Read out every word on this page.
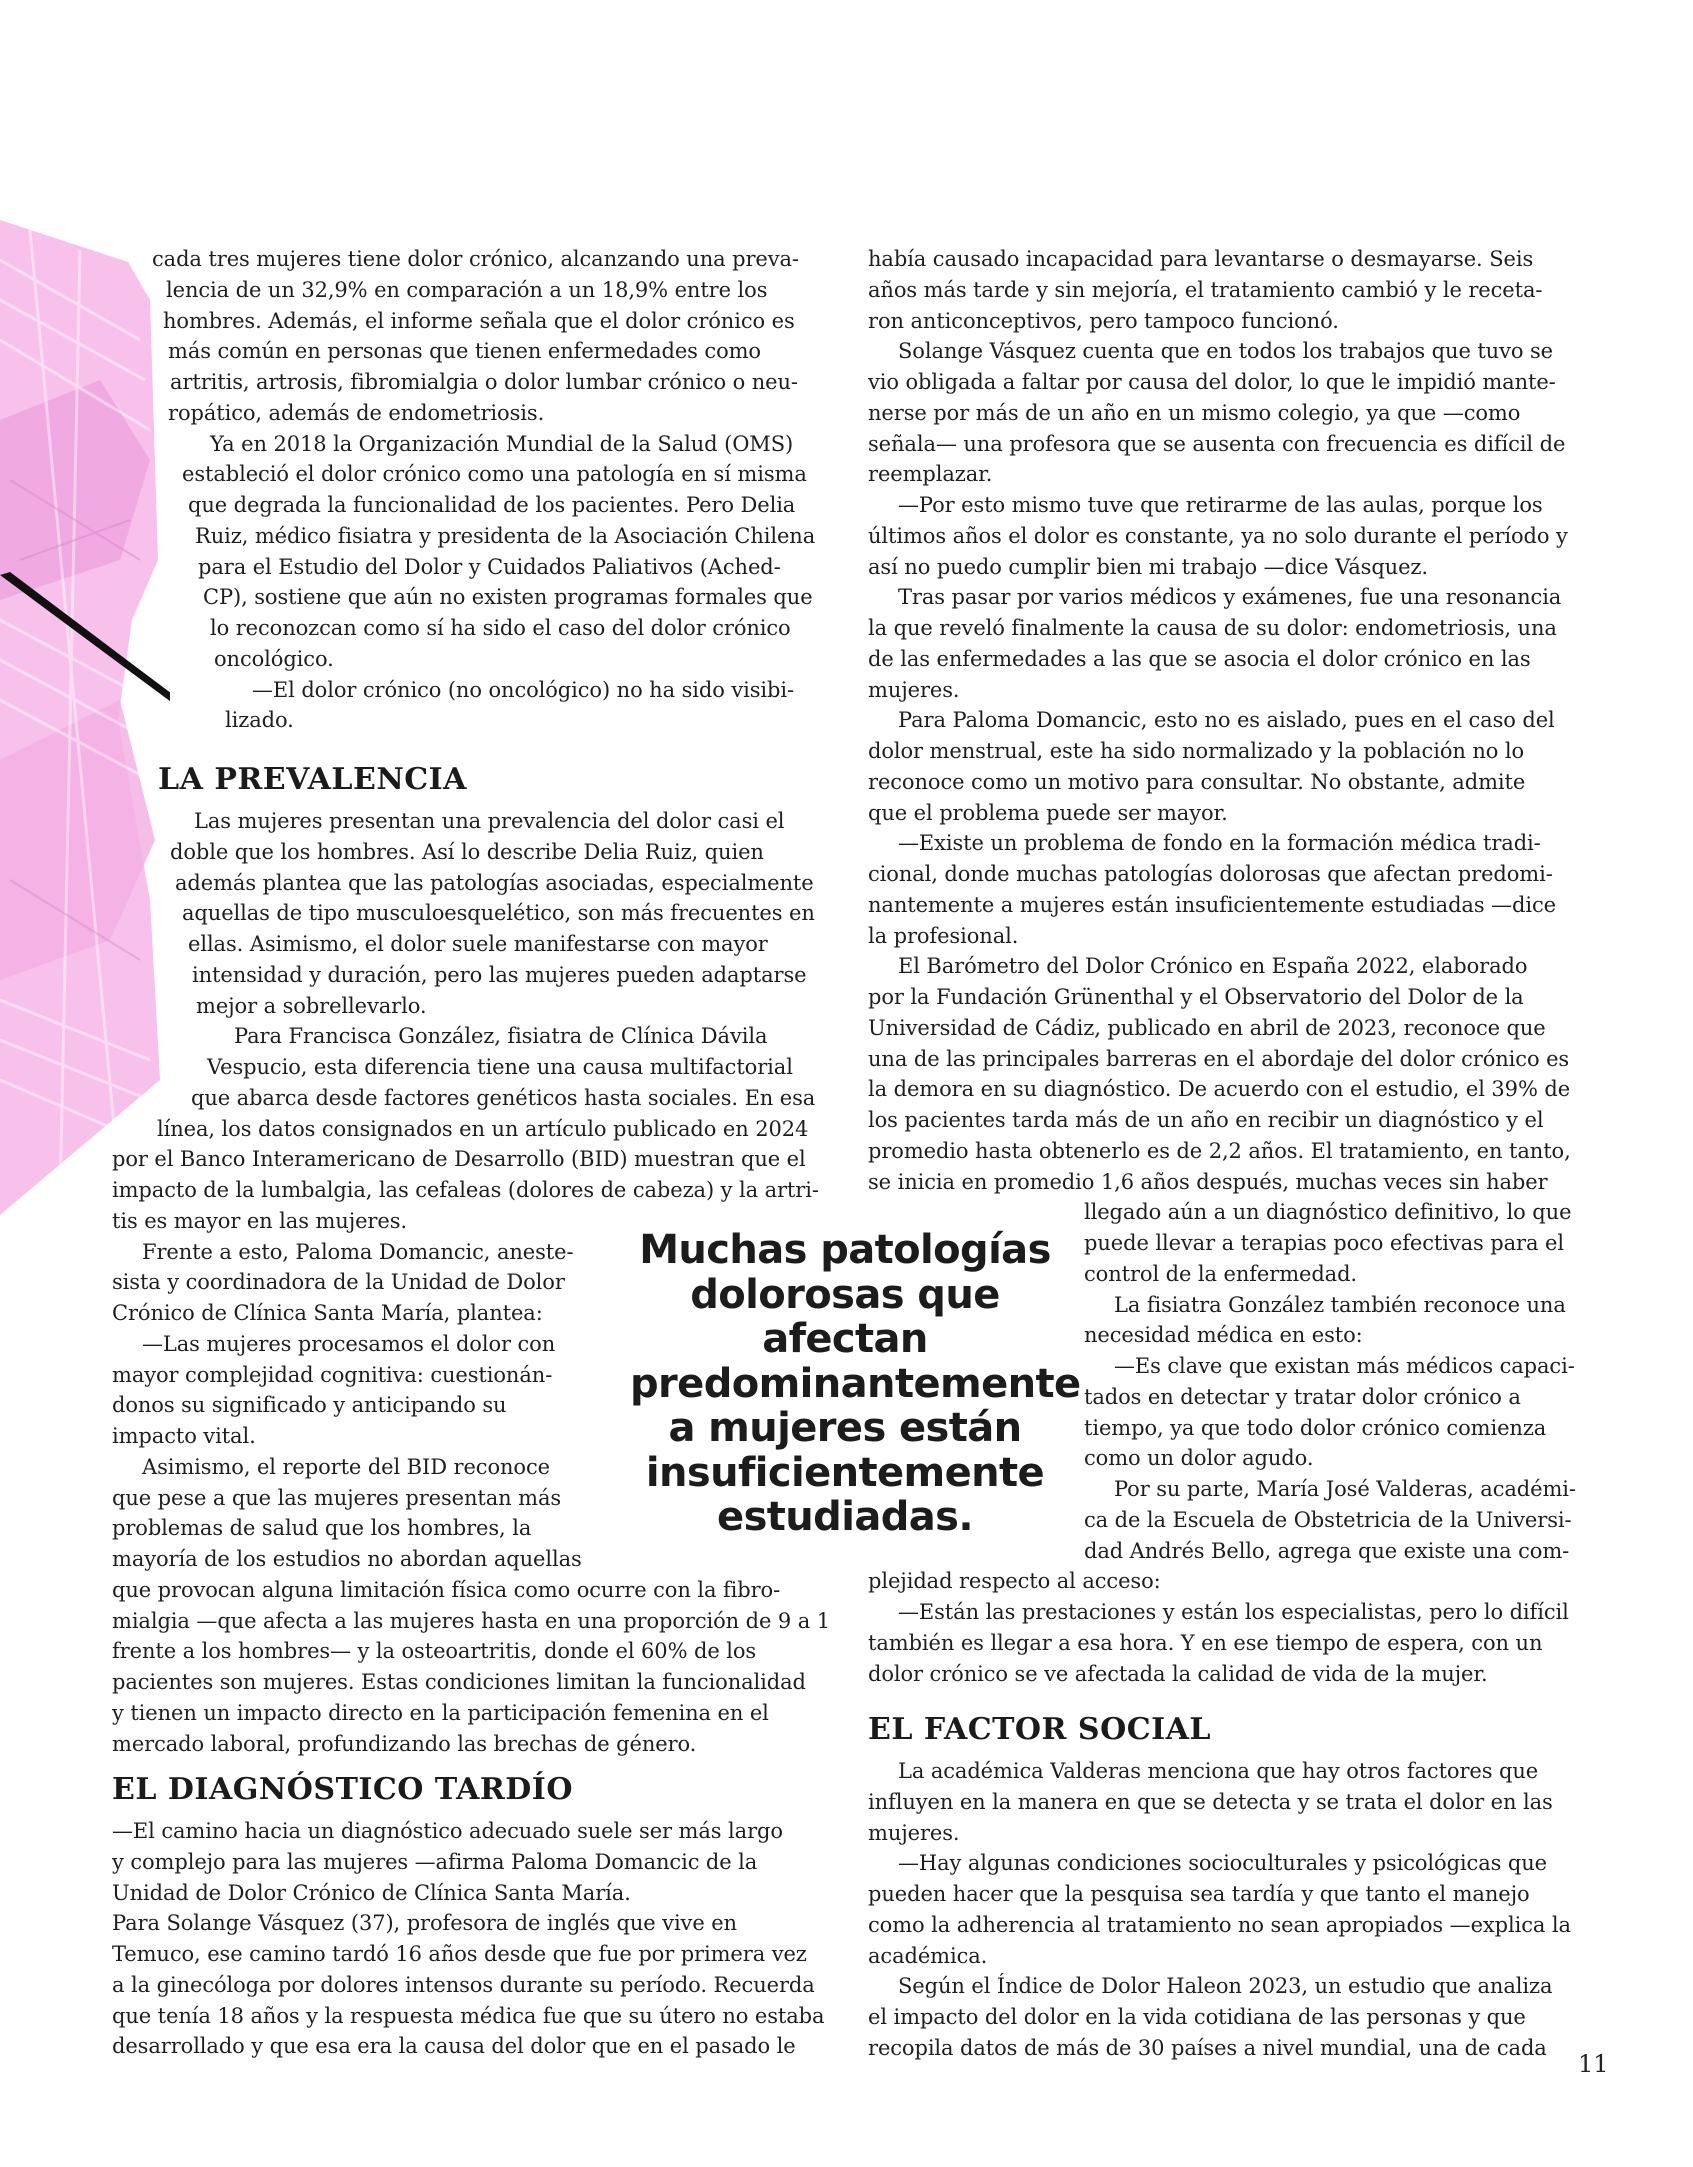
LA PREVALENCIA
EL DIAGNÓSTICO TARDÍO
EL FACTOR SOCIAL
Muchas patologías
dolorosas que
afectan
predominantemente
a mujeres están
insuficientemente
estudiadas.
cada tres mujeres tiene dolor crónico, alcanzando una preva-
lencia de un 32,9% en comparación a un 18,9% entre los
hombres. Además, el informe señala que el dolor crónico es
más común en personas que tienen enfermedades como
artritis, artrosis, fibromialgia o dolor lumbar crónico o neu-
ropático, además de endometriosis.
Ya en 2018 la Organización Mundial de la Salud (OMS)
estableció el dolor crónico como una patología en sí misma
que degrada la funcionalidad de los pacientes. Pero Delia
Ruiz, médico fisiatra y presidenta de la Asociación Chilena
para el Estudio del Dolor y Cuidados Paliativos (Ached-
CP), sostiene que aún no existen programas formales que
lo reconozcan como sí ha sido el caso del dolor crónico
oncológico.
—El dolor crónico (no oncológico) no ha sido visibi-
lizado.
Las mujeres presentan una prevalencia del dolor casi el
doble que los hombres. Así lo describe Delia Ruiz, quien
además plantea que las patologías asociadas, especialmente
aquellas de tipo musculoesquelético, son más frecuentes en
ellas. Asimismo, el dolor suele manifestarse con mayor
intensidad y duración, pero las mujeres pueden adaptarse
mejor a sobrellevarlo.
Para Francisca González, fisiatra de Clínica Dávila
Vespucio, esta diferencia tiene una causa multifactorial
que abarca desde factores genéticos hasta sociales. En esa
línea, los datos consignados en un artículo publicado en 2024
por el Banco Interamericano de Desarrollo (BID) muestran que el
impacto de la lumbalgia, las cefaleas (dolores de cabeza) y la artri-
tis es mayor en las mujeres.
Frente a esto, Paloma Domancic, aneste-
sista y coordinadora de la Unidad de Dolor
Crónico de Clínica Santa María, plantea:
—Las mujeres procesamos el dolor con
mayor complejidad cognitiva: cuestionán-
donos su significado y anticipando su
impacto vital.
Asimismo, el reporte del BID reconoce
que pese a que las mujeres presentan más
problemas de salud que los hombres, la
mayoría de los estudios no abordan aquellas
que provocan alguna limitación física como ocurre con la fibro-
mialgia —que afecta a las mujeres hasta en una proporción de 9 a 1
frente a los hombres— y la osteoartritis, donde el 60% de los
pacientes son mujeres. Estas condiciones limitan la funcionalidad
y tienen un impacto directo en la participación femenina en el
mercado laboral, profundizando las brechas de género.
—El camino hacia un diagnóstico adecuado suele ser más largo
y complejo para las mujeres —afirma Paloma Domancic de la
Unidad de Dolor Crónico de Clínica Santa María.
Para Solange Vásquez (37), profesora de inglés que vive en
Temuco, ese camino tardó 16 años desde que fue por primera vez
a la ginecóloga por dolores intensos durante su período. Recuerda
que tenía 18 años y la respuesta médica fue que su útero no estaba
desarrollado y que esa era la causa del dolor que en el pasado le
había causado incapacidad para levantarse o desmayarse. Seis
años más tarde y sin mejoría, el tratamiento cambió y le receta-
ron anticonceptivos, pero tampoco funcionó.
Solange Vásquez cuenta que en todos los trabajos que tuvo se
vio obligada a faltar por causa del dolor, lo que le impidió mante-
nerse por más de un año en un mismo colegio, ya que —como
señala— una profesora que se ausenta con frecuencia es difícil de
reemplazar.
—Por esto mismo tuve que retirarme de las aulas, porque los
últimos años el dolor es constante, ya no solo durante el período y
así no puedo cumplir bien mi trabajo —dice Vásquez.
Tras pasar por varios médicos y exámenes, fue una resonancia
la que reveló finalmente la causa de su dolor: endometriosis, una
de las enfermedades a las que se asocia el dolor crónico en las
mujeres.
Para Paloma Domancic, esto no es aislado, pues en el caso del
dolor menstrual, este ha sido normalizado y la población no lo
reconoce como un motivo para consultar. No obstante, admite
que el problema puede ser mayor.
—Existe un problema de fondo en la formación médica tradi-
cional, donde muchas patologías dolorosas que afectan predomi-
nantemente a mujeres están insuficientemente estudiadas —dice
la profesional.
El Barómetro del Dolor Crónico en España 2022, elaborado
por la Fundación Grünenthal y el Observatorio del Dolor de la
Universidad de Cádiz, publicado en abril de 2023, reconoce que
una de las principales barreras en el abordaje del dolor crónico es
la demora en su diagnóstico. De acuerdo con el estudio, el 39% de
los pacientes tarda más de un año en recibir un diagnóstico y el
promedio hasta obtenerlo es de 2,2 años. El tratamiento, en tanto,
se inicia en promedio 1,6 años después, muchas veces sin haber
llegado aún a un diagnóstico definitivo, lo que
puede llevar a terapias poco efectivas para el
control de la enfermedad.
La fisiatra González también reconoce una
necesidad médica en esto:
—Es clave que existan más médicos capaci-
tados en detectar y tratar dolor crónico a
tiempo, ya que todo dolor crónico comienza
como un dolor agudo.
Por su parte, María José Valderas, académi-
ca de la Escuela de Obstetricia de la Universi-
dad Andrés Bello, agrega que existe una com-
plejidad respecto al acceso:
—Están las prestaciones y están los especialistas, pero lo difícil
también es llegar a esa hora. Y en ese tiempo de espera, con un
dolor crónico se ve afectada la calidad de vida de la mujer.
La académica Valderas menciona que hay otros factores que
influyen en la manera en que se detecta y se trata el dolor en las
mujeres.
—Hay algunas condiciones socioculturales y psicológicas que
pueden hacer que la pesquisa sea tardía y que tanto el manejo
como la adherencia al tratamiento no sean apropiados —explica la
académica.
Según el Índice de Dolor Haleon 2023, un estudio que analiza
el impacto del dolor en la vida cotidiana de las personas y que
recopila datos de más de 30 países a nivel mundial, una de cada
11
